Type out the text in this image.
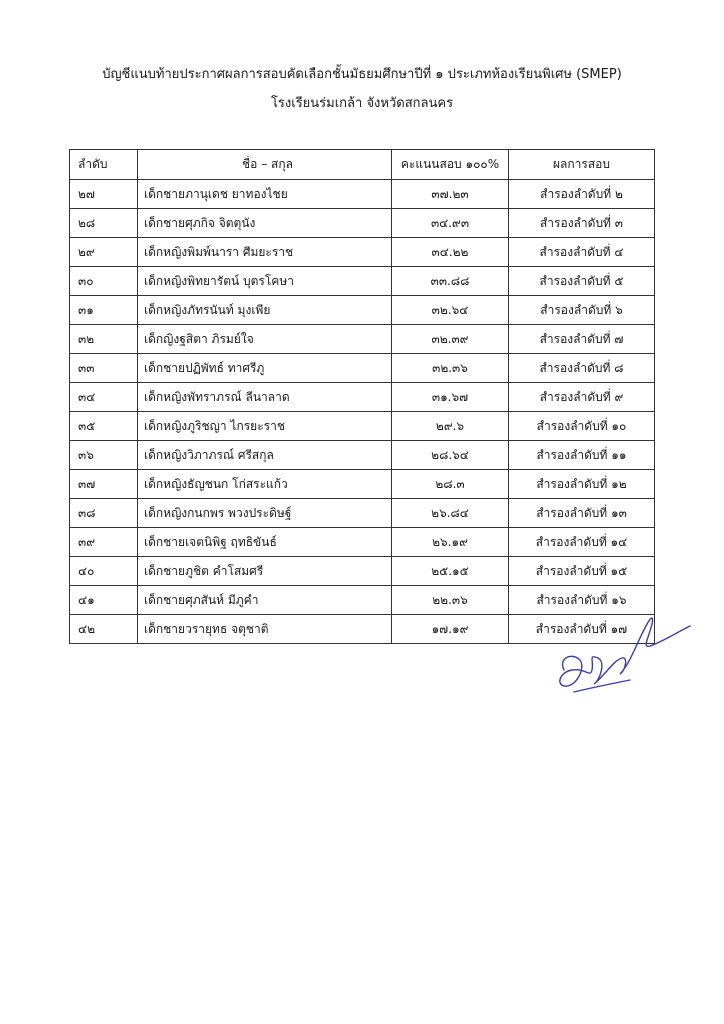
บัญชีแนบท้ายประกาศผลการสอบคัดเลือกชั้นมัธยมศึกษาปีที่ ๑ ประเภทห้องเรียนพิเศษ (SMEP)
โรงเรียนร่มเกล้า จังหวัดสกลนคร
ลำดับ	ชื่อ – สกุล	คะแนนสอบ ๑๐๐%	ผลการสอบ
๒๗	เด็กชายภานุเดช ยาทองไชย	๓๗.๒๓	สำรองลำดับที่ ๒
๒๘	เด็กชายศุภกิจ จิตตุนัง	๓๔.๙๓	สำรองลำดับที่ ๓
๒๙	เด็กหญิงพิมพ์นารา ศีมยะราช	๓๔.๒๒	สำรองลำดับที่ ๔
๓๐	เด็กหญิงพิทยารัตน์ บุตรโคษา	๓๓.๘๘	สำรองลำดับที่ ๕
๓๑	เด็กหญิงภัทรนันท์ มุงเพีย	๓๒.๖๔	สำรองลำดับที่ ๖
๓๒	เด็กญิงฐสิตา ภิรมย์ใจ	๓๒.๓๙	สำรองลำดับที่ ๗
๓๓	เด็กชายปฏิพัทธ์ ทาศรีภู	๓๒.๓๖	สำรองลำดับที่ ๘
๓๔	เด็กหญิงพัทราภรณ์ ลีนาลาด	๓๑.๖๗	สำรองลำดับที่ ๙
๓๕	เด็กหญิงภูริชญา ไกรยะราช	๒๙.๖	สำรองลำดับที่ ๑๐
๓๖	เด็กหญิงวิภาภรณ์ ศรีสกุล	๒๘.๖๔	สำรองลำดับที่ ๑๑
๓๗	เด็กหญิงธัญชนก โก่สระแก้ว	๒๘.๓	สำรองลำดับที่ ๑๒
๓๘	เด็กหญิงกนกพร พวงประดิษฐ์	๒๖.๘๔	สำรองลำดับที่ ๑๓
๓๙	เด็กชายเจตนิพิฐ ฤทธิขันธ์	๒๖.๑๙	สำรองลำดับที่ ๑๔
๔๐	เด็กชายภูชิต คำโสมศรี	๒๕.๑๕	สำรองลำดับที่ ๑๕
๔๑	เด็กชายศุภสันห์ มีภูคำ	๒๒.๓๖	สำรองลำดับที่ ๑๖
๔๒	เด็กชายวรายุทธ จตุชาติ	๑๗.๑๙	สำรองลำดับที่ ๑๗
